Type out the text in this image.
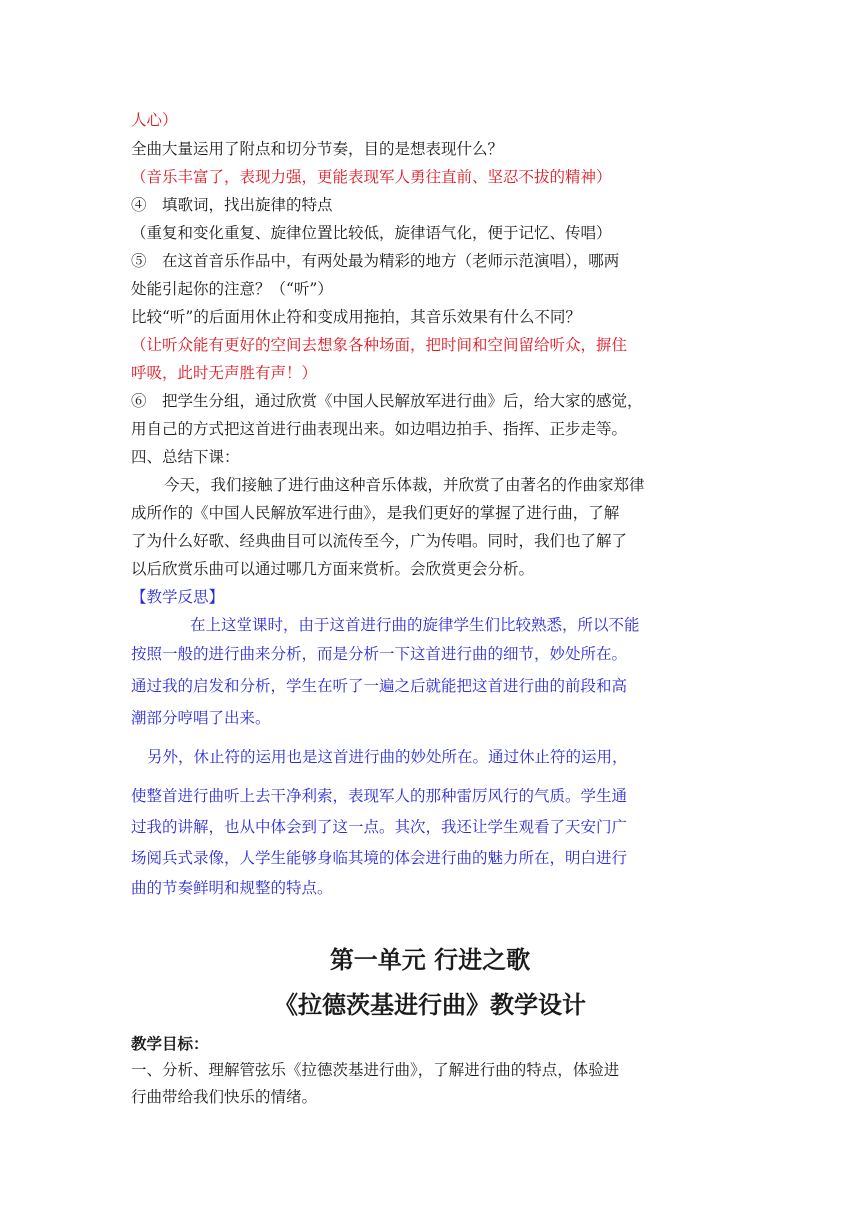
人心）
全曲大量运用了附点和切分节奏，目的是想表现什么？
（音乐丰富了，表现力强，更能表现军人勇往直前、坚忍不拔的精神）
④　填歌词，找出旋律的特点
（重复和变化重复、旋律位置比较低，旋律语气化，便于记忆、传唱）
⑤　在这首音乐作品中，有两处最为精彩的地方（老师示范演唱），哪两
处能引起你的注意？（“听”）
比较“听”的后面用休止符和变成用拖拍，其音乐效果有什么不同？
（让听众能有更好的空间去想象各种场面，把时间和空间留给听众，摒住
呼吸，此时无声胜有声！）
⑥　把学生分组，通过欣赏《中国人民解放军进行曲》后，给大家的感觉，
用自己的方式把这首进行曲表现出来。如边唱边拍手、指挥、正步走等。
四、总结下课：
今天，我们接触了进行曲这种音乐体裁，并欣赏了由著名的作曲家郑律
成所作的《中国人民解放军进行曲》，是我们更好的掌握了进行曲，了解
了为什么好歌、经典曲目可以流传至今，广为传唱。同时，我们也了解了
以后欣赏乐曲可以通过哪几方面来赏析。会欣赏更会分析。
【教学反思】
在上这堂课时，由于这首进行曲的旋律学生们比较熟悉，所以不能
按照一般的进行曲来分析，而是分析一下这首进行曲的细节，妙处所在。
通过我的启发和分析，学生在听了一遍之后就能把这首进行曲的前段和高
潮部分哼唱了出来。
另外，休止符的运用也是这首进行曲的妙处所在。通过休止符的运用，
使整首进行曲听上去干净利索，表现军人的那种雷厉风行的气质。学生通
过我的讲解，也从中体会到了这一点。其次，我还让学生观看了天安门广
场阅兵式录像，人学生能够身临其境的体会进行曲的魅力所在，明白进行
曲的节奏鲜明和规整的特点。
第一单元 行进之歌
《拉德茨基进行曲》教学设计
教学目标：
一、分析、理解管弦乐《拉德茨基进行曲》，了解进行曲的特点，体验进
行曲带给我们快乐的情绪。
